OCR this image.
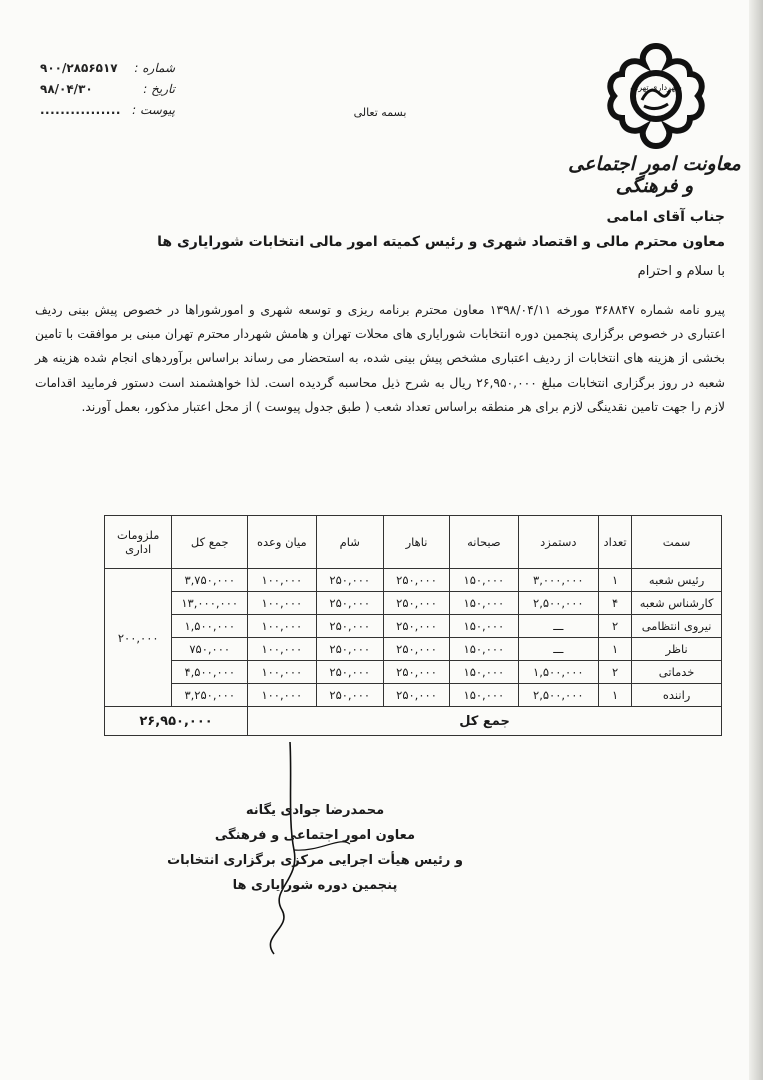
شماره :
۹۰۰/۲۸۵۶۵۱۷
تاریخ :
۹۸/۰۴/۳۰
پیوست :
................
شهرداری تهران
معاونت امور اجتماعی و فرهنگی
بسمه تعالی
جناب آقای امامی
معاون محترم مالی و اقتصاد شهری و رئیس کمیته امور مالی انتخابات شورایاری ها
با سلام و احترام
پیرو نامه شماره ۳۶۸۸۴۷ مورخه ۱۳۹۸/۰۴/۱۱ معاون محترم برنامه ریزی و توسعه شهری و امورشوراها در خصوص پیش بینی ردیف اعتباری در خصوص برگزاری پنجمین دوره انتخابات شورایاری های محلات تهران و هامش شهردار محترم تهران مبنی بر موافقت با تامین بخشی از هزینه های انتخابات از ردیف اعتباری مشخص پیش بینی شده، به استحضار می رساند براساس برآوردهای انجام شده هزینه هر شعبه در روز برگزاری انتخابات مبلغ ۲۶,۹۵۰,۰۰۰ ریال به شرح ذیل محاسبه گردیده است. لذا خواهشمند است دستور فرمایید اقدامات لازم را جهت تامین نقدینگی لازم برای هر منطقه براساس تعداد شعب ( طبق جدول پیوست ) از محل اعتبار مذکور، بعمل آورند.
سمت	تعداد	دستمزد	صبحانه	ناهار	شام	میان وعده	جمع کل	ملزومات اداری
رئیس شعبه	۱	۳,۰۰۰,۰۰۰	۱۵۰,۰۰۰	۲۵۰,۰۰۰	۲۵۰,۰۰۰	۱۰۰,۰۰۰	۳,۷۵۰,۰۰۰	۲۰۰,۰۰۰
کارشناس شعبه	۴	۲,۵۰۰,۰۰۰	۱۵۰,۰۰۰	۲۵۰,۰۰۰	۲۵۰,۰۰۰	۱۰۰,۰۰۰	۱۳,۰۰۰,۰۰۰	
نیروی انتظامی	۲	ـــ	۱۵۰,۰۰۰	۲۵۰,۰۰۰	۲۵۰,۰۰۰	۱۰۰,۰۰۰	۱,۵۰۰,۰۰۰	
ناظر	۱	ـــ	۱۵۰,۰۰۰	۲۵۰,۰۰۰	۲۵۰,۰۰۰	۱۰۰,۰۰۰	۷۵۰,۰۰۰	
خدماتی	۲	۱,۵۰۰,۰۰۰	۱۵۰,۰۰۰	۲۵۰,۰۰۰	۲۵۰,۰۰۰	۱۰۰,۰۰۰	۴,۵۰۰,۰۰۰	
راننده	۱	۲,۵۰۰,۰۰۰	۱۵۰,۰۰۰	۲۵۰,۰۰۰	۲۵۰,۰۰۰	۱۰۰,۰۰۰	۳,۲۵۰,۰۰۰	
جمع کل							۲۶,۹۵۰,۰۰۰	
محمدرضا جوادی یگانه
معاون امور اجتماعی و فرهنگی
و رئیس هیأت اجرایی مرکزی برگزاری انتخابات
پنجمین دوره شورایاری ها
